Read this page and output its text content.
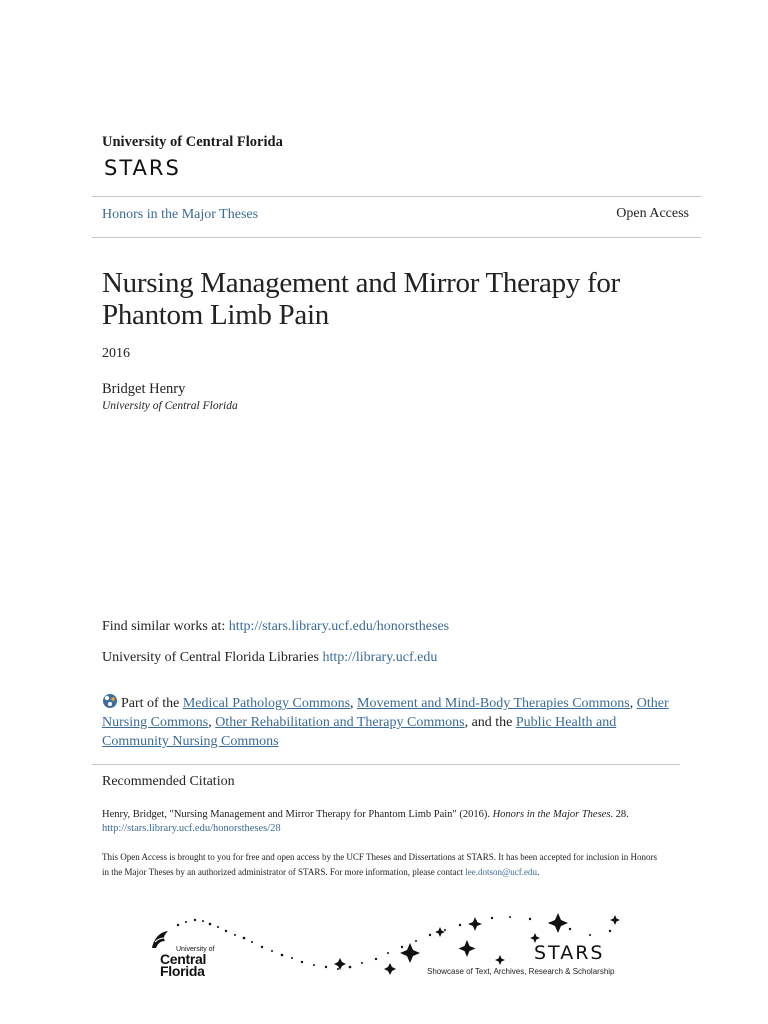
University of Central Florida
STARS
Honors in the Major Theses	Open Access
Nursing Management and Mirror Therapy for Phantom Limb Pain
2016
Bridget Henry
University of Central Florida
Find similar works at: http://stars.library.ucf.edu/honorstheses
University of Central Florida Libraries http://library.ucf.edu
Part of the Medical Pathology Commons, Movement and Mind-Body Therapies Commons, Other Nursing Commons, Other Rehabilitation and Therapy Commons, and the Public Health and Community Nursing Commons
Recommended Citation
Henry, Bridget, "Nursing Management and Mirror Therapy for Phantom Limb Pain" (2016). Honors in the Major Theses. 28.
http://stars.library.ucf.edu/honorstheses/28
This Open Access is brought to you for free and open access by the UCF Theses and Dissertations at STARS. It has been accepted for inclusion in Honors in the Major Theses by an authorized administrator of STARS. For more information, please contact lee.dotson@ucf.edu.
University of
Central
Florida
STARS
Showcase of Text, Archives, Research & Scholarship
